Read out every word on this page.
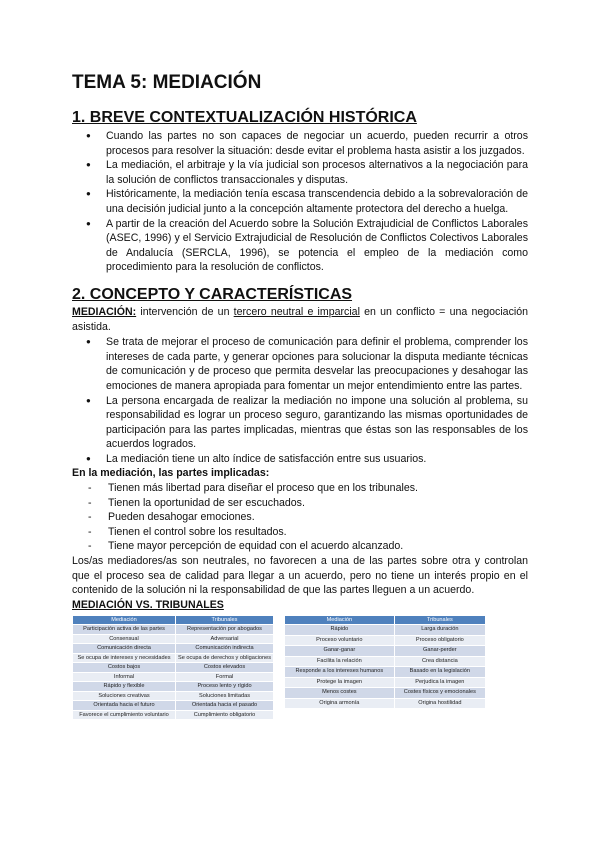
TEMA 5: MEDIACIÓN
1. BREVE CONTEXTUALIZACIÓN HISTÓRICA
● Cuando las partes no son capaces de negociar un acuerdo, pueden recurrir a otros procesos para resolver la situación: desde evitar el problema hasta asistir a los juzgados.
● La mediación, el arbitraje y la vía judicial son procesos alternativos a la negociación para la solución de conflictos transaccionales y disputas.
● Históricamente, la mediación tenía escasa transcendencia debido a la sobrevaloración de una decisión judicial junto a la concepción altamente protectora del derecho a huelga.
● A partir de la creación del Acuerdo sobre la Solución Extrajudicial de Conflictos Laborales (ASEC, 1996) y el Servicio Extrajudicial de Resolución de Conflictos Colectivos Laborales de Andalucía (SERCLA, 1996), se potencia el empleo de la mediación como procedimiento para la resolución de conflictos.
2. CONCEPTO Y CARACTERÍSTICAS

MEDIACIÓN: intervención de un tercero neutral e imparcial en un conflicto = una negociación asistida.

● Se trata de mejorar el proceso de comunicación para definir el problema, comprender los intereses de cada parte, y generar opciones para solucionar la disputa mediante técnicas de comunicación y de proceso que permita desvelar las preocupaciones y desahogar las emociones de manera apropiada para fomentar un mejor entendimiento entre las partes.
● La persona encargada de realizar la mediación no impone una solución al problema, su responsabilidad es lograr un proceso seguro, garantizando las mismas oportunidades de participación para las partes implicadas, mientras que éstas son las responsables de los acuerdos logrados.
● La mediación tiene un alto índice de satisfacción entre sus usuarios.

En la mediación, las partes implicadas:

- Tienen más libertad para diseñar el proceso que en los tribunales.
- Tienen la oportunidad de ser escuchados.
- Pueden desahogar emociones.
- Tienen el control sobre los resultados.
- Tiene mayor percepción de equidad con el acuerdo alcanzado.

Los/as mediadores/as son neutrales, no favorecen a una de las partes sobre otra y controlan que el proceso sea de calidad para llegar a un acuerdo, pero no tiene un interés propio en el contenido de la solución ni la responsabilidad de que las partes lleguen a un acuerdo.

MEDIACIÓN VS. TRIBUNALES
Mediación	Tribunales
Participación activa de las partes	Representación por abogados
Consensual	Adversarial
Comunicación directa	Comunicación indirecta
Se ocupa de intereses y necesidades	Se ocupa de derechos y obligaciones
Costos bajos	Costos elevados
Informal	Formal
Rápido y flexible	Proceso lento y rígido
Soluciones creativas	Soluciones limitadas
Orientada hacia el futuro	Orientada hacia el pasado
Favorece el cumplimiento voluntario	Cumplimiento obligatorio
Mediación	Tribunales
Rápido	Larga duración
Proceso voluntario	Proceso obligatorio
Ganar-ganar	Ganar-perder
Facilita la relación	Crea distancia
Responde a los intereses humanos	Basado en la legislación
Protege la imagen	Perjudica la imagen
Menos costes	Costes físicos y emocionales
Origina armonía	Origina hostilidad
